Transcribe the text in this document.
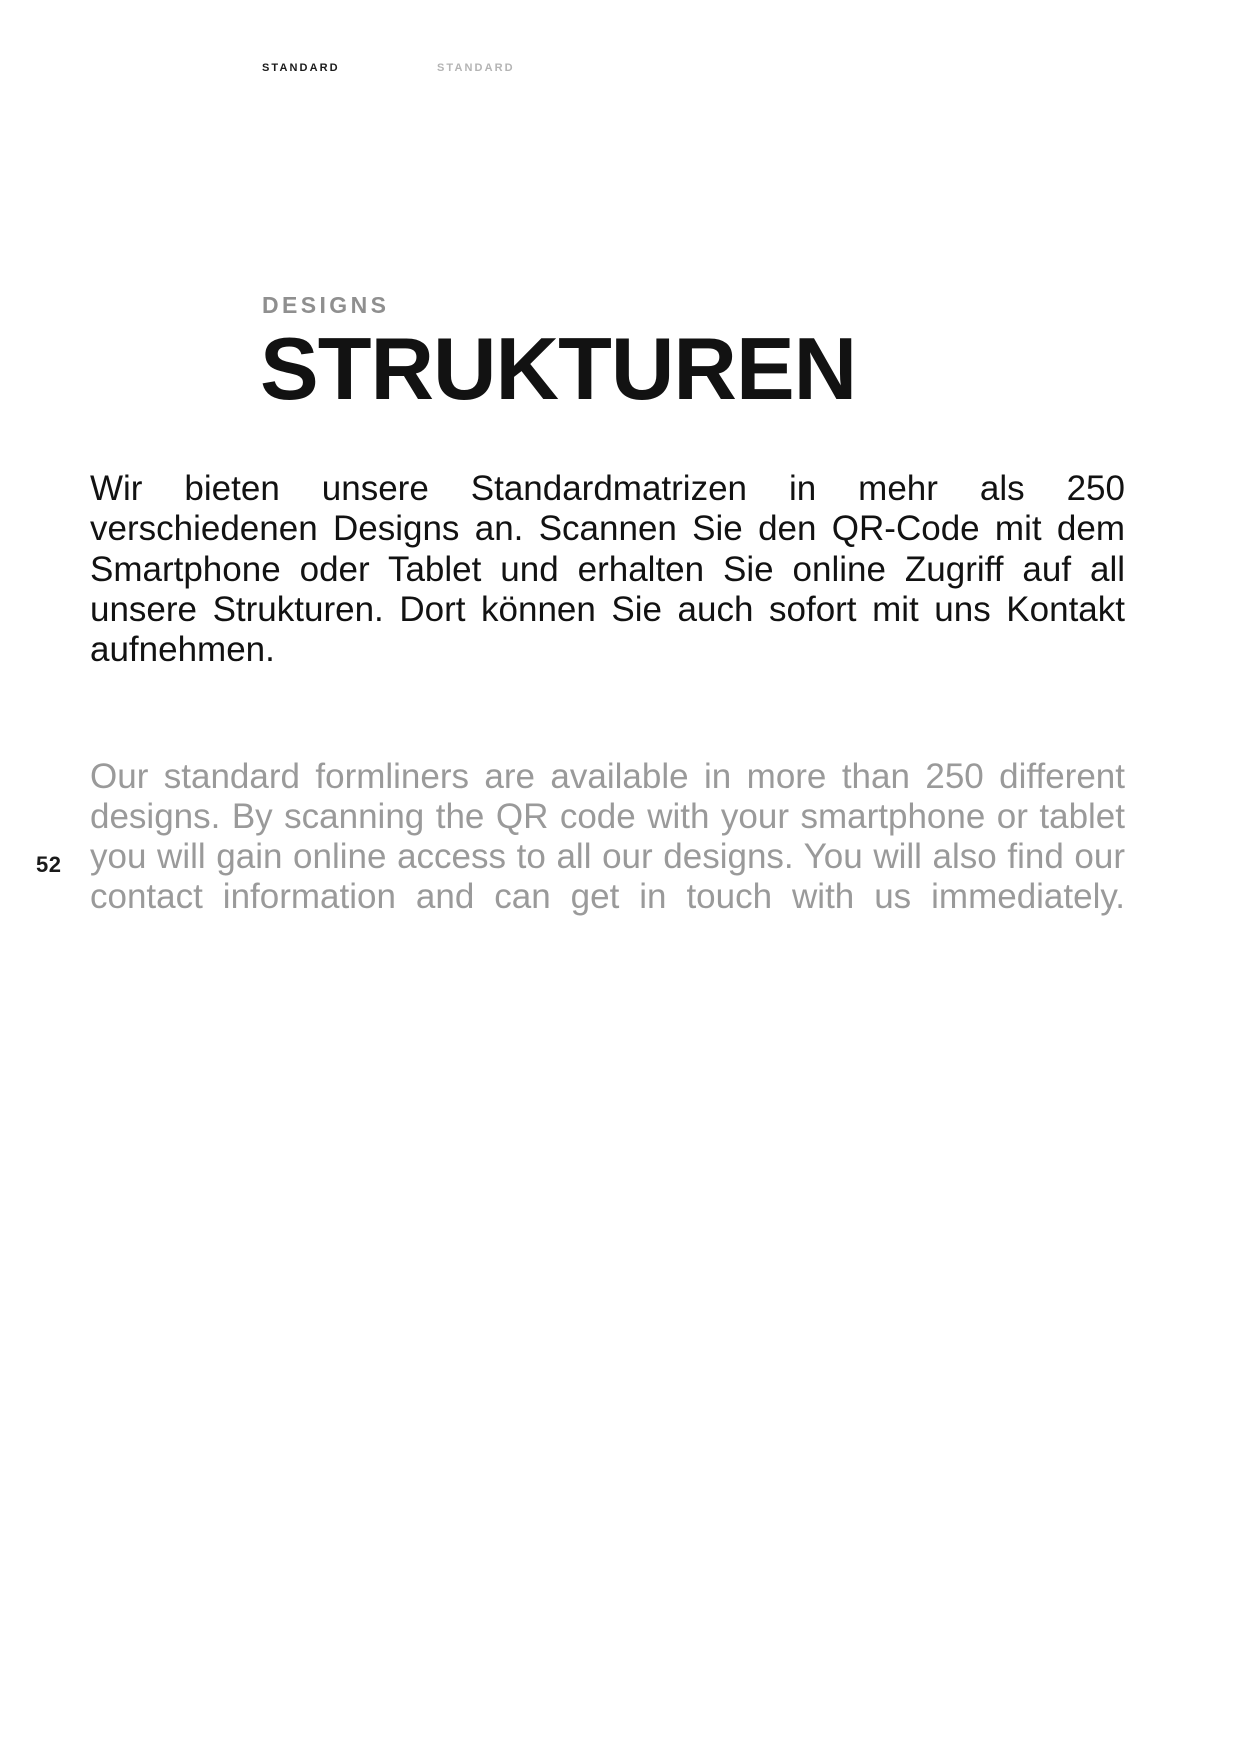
STANDARD	STANDARD
52
DESIGNS
STRUKTUREN

Wir bieten unsere Standardmatrizen in mehr als 250 verschiedenen Designs an. Scannen Sie den QR-Code mit dem Smartphone oder Tablet und erhalten Sie online Zugriff auf all unsere Strukturen. Dort können Sie auch sofort mit uns Kontakt aufnehmen.

Our standard formliners are available in more than 250 different designs. By scanning the QR code with your smartphone or tablet you will gain online access to all our designs. You will also find our contact information and can get in touch with us immediately.
